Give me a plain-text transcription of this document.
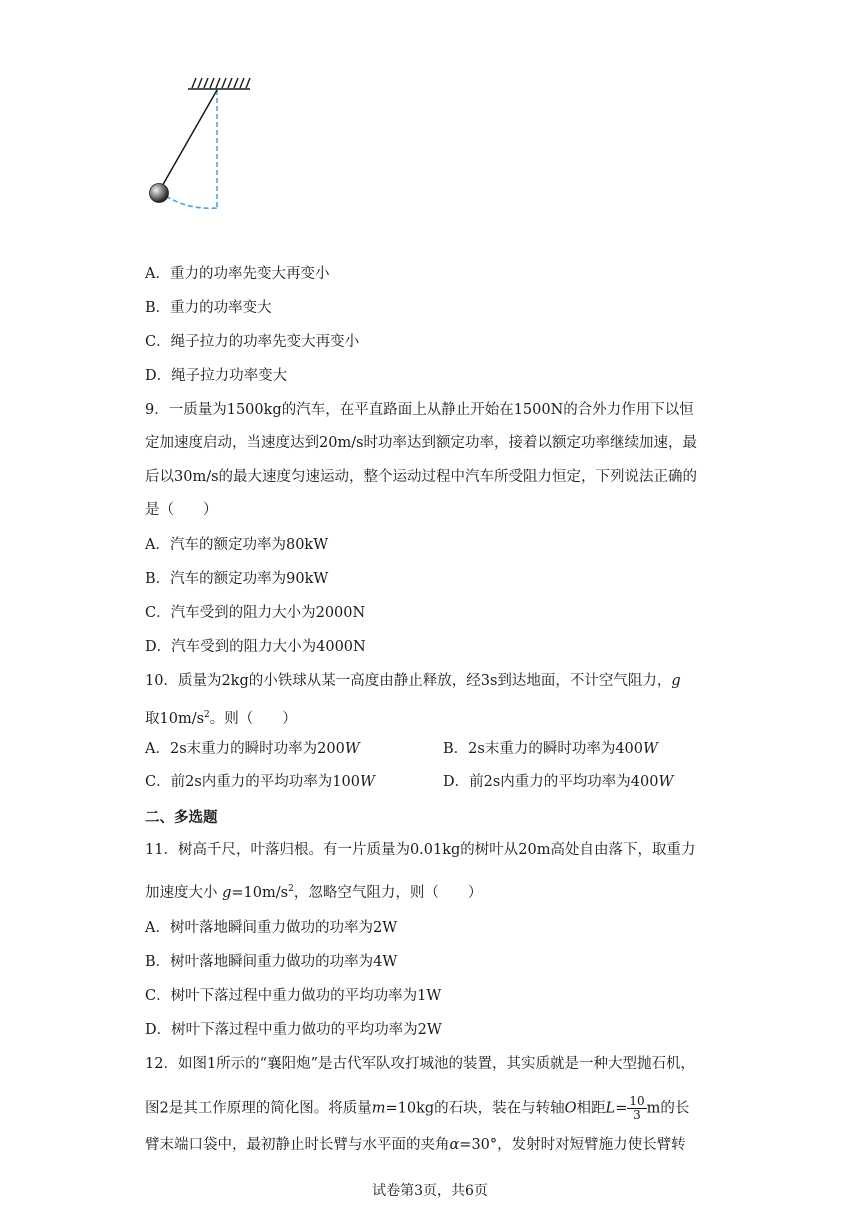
A．重力的功率先变大再变小
B．重力的功率变大
C．绳子拉力的功率先变大再变小
D．绳子拉力功率变大
9．一质量为1500kg的汽车，在平直路面上从静止开始在1500N的合外力作用下以恒
定加速度启动，当速度达到20m/s时功率达到额定功率，接着以额定功率继续加速，最
后以30m/s的最大速度匀速运动，整个运动过程中汽车所受阻力恒定，下列说法正确的
是（　　）
A．汽车的额定功率为80kW
B．汽车的额定功率为90kW
C．汽车受到的阻力大小为2000N
D．汽车受到的阻力大小为4000N
10．质量为2kg的小铁球从某一高度由静止释放，经3s到达地面，不计空气阻力，g
取$10m/s^2$。则（　　）
A．2s末重力的瞬时功率为200W	B．2s末重力的瞬时功率为400W
C．前2s内重力的平均功率为100W	D．前2s内重力的平均功率为400W
二、多选题
11．树高千尺，叶落归根。有一片质量为0.01kg的树叶从20m高处自由落下，取重力
加速度大小 $g=10m/s^2$，忽略空气阻力，则（　　）
A．树叶落地瞬间重力做功的功率为2W
B．树叶落地瞬间重力做功的功率为4W
C．树叶下落过程中重力做功的平均功率为1W
D．树叶下落过程中重力做功的平均功率为2W
12．如图1所示的“襄阳炮”是古代军队攻打城池的装置，其实质就是一种大型抛石机，
图2是其工作原理的简化图。将质量m=10kg的石块，装在与转轴O相距$L= \frac{10}{3}$ m的长
臂末端口袋中，最初静止时长臂与水平面的夹角α=30°，发射时对短臂施力使长臂转
试卷第3页，共6页
